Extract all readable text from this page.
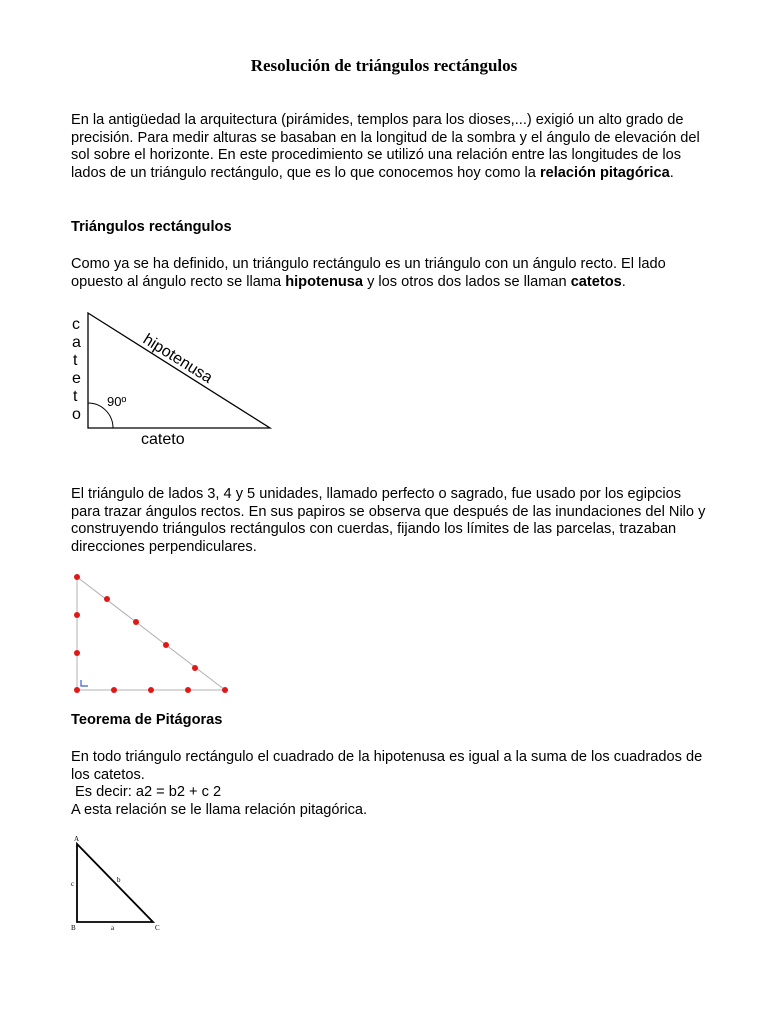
Resolución de triángulos rectángulos

En la antigüedad la arquitectura (pirámides, templos para los dioses,...) exigió un alto grado de precisión. Para medir alturas se basaban en la longitud de la sombra y el ángulo de elevación del sol sobre el horizonte. En este procedimiento se utilizó una relación entre las longitudes de los lados de un triángulo rectángulo, que es lo que conocemos hoy como la relación pitagórica.

Triángulos rectángulos

Como ya se ha definido, un triángulo rectángulo es un triángulo con un ángulo recto. El lado opuesto al ángulo recto se llama hipotenusa y los otros dos lados se llaman catetos.

c
a
t
e
t
o
hipotenusa
90º
cateto

El triángulo de lados 3, 4 y 5 unidades, llamado perfecto o sagrado, fue usado por los egipcios para trazar ángulos rectos. En sus papiros se observa que después de las inundaciones del Nilo y construyendo triángulos rectángulos con cuerdas, fijando los límites de las parcelas, trazaban direcciones perpendiculares.

Teorema de Pitágoras

En todo triángulo rectángulo el cuadrado de la hipotenusa es igual a la suma de los cuadrados de los catetos.
Es decir: a2 = b2 + c 2
A esta relación se le llama relación pitagórica.

A
B	C
a
b
c
